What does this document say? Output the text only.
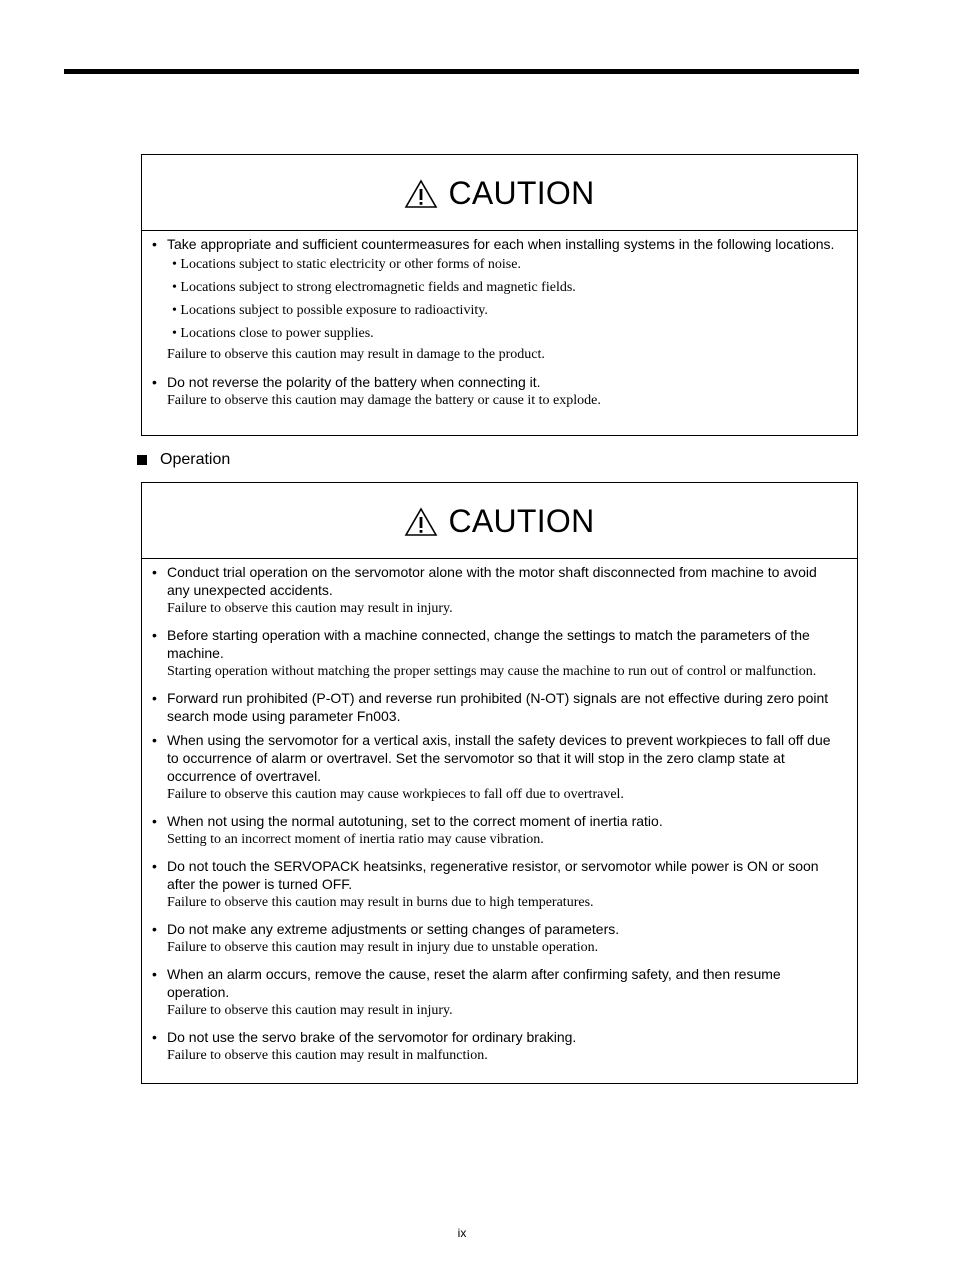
CAUTION
• Take appropriate and sufficient countermeasures for each when installing systems in the following locations.
• Locations subject to static electricity or other forms of noise.
• Locations subject to strong electromagnetic fields and magnetic fields.
• Locations subject to possible exposure to radioactivity.
• Locations close to power supplies.
Failure to observe this caution may result in damage to the product.
• Do not reverse the polarity of the battery when connecting it.
Failure to observe this caution may damage the battery or cause it to explode.
Operation
CAUTION
• Conduct trial operation on the servomotor alone with the motor shaft disconnected from machine to avoid any unexpected accidents.
Failure to observe this caution may result in injury.
• Before starting operation with a machine connected, change the settings to match the parameters of the machine.
Starting operation without matching the proper settings may cause the machine to run out of control or malfunction.
• Forward run prohibited (P-OT) and reverse run prohibited (N-OT) signals are not effective during zero point search mode using parameter Fn003.
• When using the servomotor for a vertical axis, install the safety devices to prevent workpieces to fall off due to occurrence of alarm or overtravel. Set the servomotor so that it will stop in the zero clamp state at occurrence of overtravel.
Failure to observe this caution may cause workpieces to fall off due to overtravel.
• When not using the normal autotuning, set to the correct moment of inertia ratio.
Setting to an incorrect moment of inertia ratio may cause vibration.
• Do not touch the SERVOPACK heatsinks, regenerative resistor, or servomotor while power is ON or soon after the power is turned OFF.
Failure to observe this caution may result in burns due to high temperatures.
• Do not make any extreme adjustments or setting changes of parameters.
Failure to observe this caution may result in injury due to unstable operation.
• When an alarm occurs, remove the cause, reset the alarm after confirming safety, and then resume operation.
Failure to observe this caution may result in injury.
• Do not use the servo brake of the servomotor for ordinary braking.
Failure to observe this caution may result in malfunction.
ix
